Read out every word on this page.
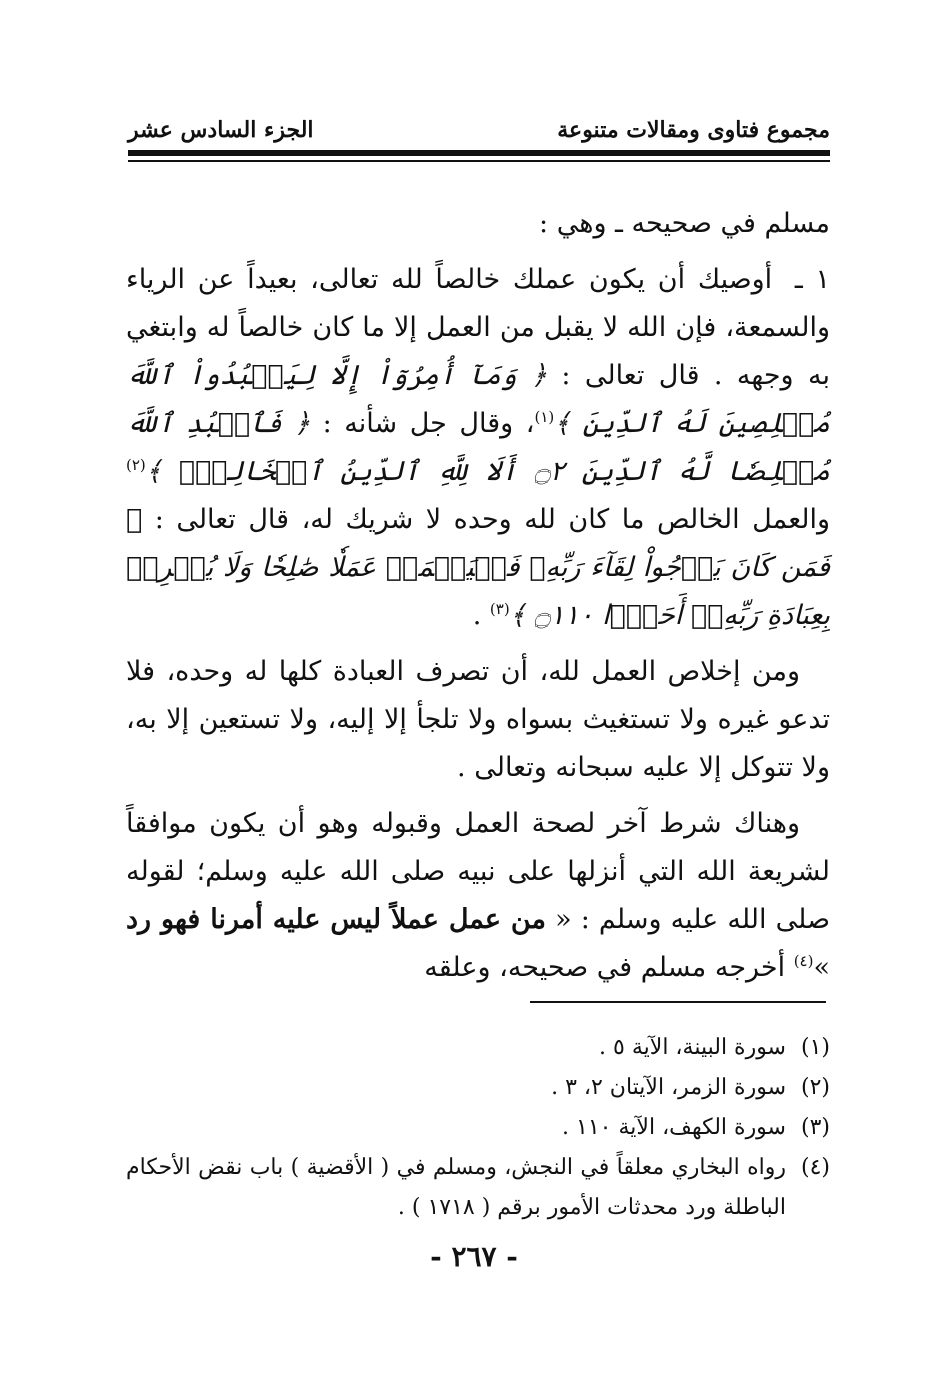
مجموع فتاوى ومقالات متنوعة
الجزء السادس عشر

مسلم في صحيحه ـ وهي :

١ ـ أوصيك أن يكون عملك خالصاً لله تعالى، بعيداً عن الرياء والسمعة، فإن الله لا يقبل من العمل إلا ما كان خالصاً له وابتغي به وجهه . قال تعالى : ﴿ وَمَآ أُمِرُوٓاْ إِلَّا لِيَعۡبُدُواْ ٱللَّهَ مُخۡلِصِينَ لَهُ ٱلدِّينَ ﴾$^{(١)}$، وقال جل شأنه : ﴿ فَٱعۡبُدِ ٱللَّهَ مُخۡلِصٗا لَّهُ ٱلدِّينَ ۝٢ أَلَا لِلَّهِ ٱلدِّينُ ٱلۡخَالِصُۚ ﴾$^{(٢)}$ والعمل الخالص ما كان لله وحده لا شريك له، قال تعالى : ﴿ فَمَن كَانَ يَرۡجُواْ لِقَآءَ رَبِّهِۦ فَلۡيَعۡمَلۡ عَمَلٗا صَٰلِحٗا وَلَا يُشۡرِكۡ بِعِبَادَةِ رَبِّهِۦٓ أَحَدَۢا ۝١١٠ ﴾$^{(٣)}$ .

ومن إخلاص العمل لله، أن تصرف العبادة كلها له وحده، فلا تدعو غيره ولا تستغيث بسواه ولا تلجأ إلا إليه، ولا تستعين إلا به، ولا تتوكل إلا عليه سبحانه وتعالى .

وهناك شرط آخر لصحة العمل وقبوله وهو أن يكون موافقاً لشريعة الله التي أنزلها على نبيه صلى الله عليه وسلم؛ لقوله صلى الله عليه وسلم : « من عمل عملاً ليس عليه أمرنا فهو رد »$^{(٤)}$ أخرجه مسلم في صحيحه، وعلقه

(١)
سورة البينة، الآية ٥ .
(٢)
سورة الزمر، الآيتان ٢، ٣ .
(٣)
سورة الكهف، الآية ١١٠ .
(٤)
رواه البخاري معلقاً في النجش، ومسلم في ( الأقضية ) باب نقض الأحكام الباطلة ورد محدثات الأمور برقم ( ١٧١٨ ) .
- ٢٦٧ -
